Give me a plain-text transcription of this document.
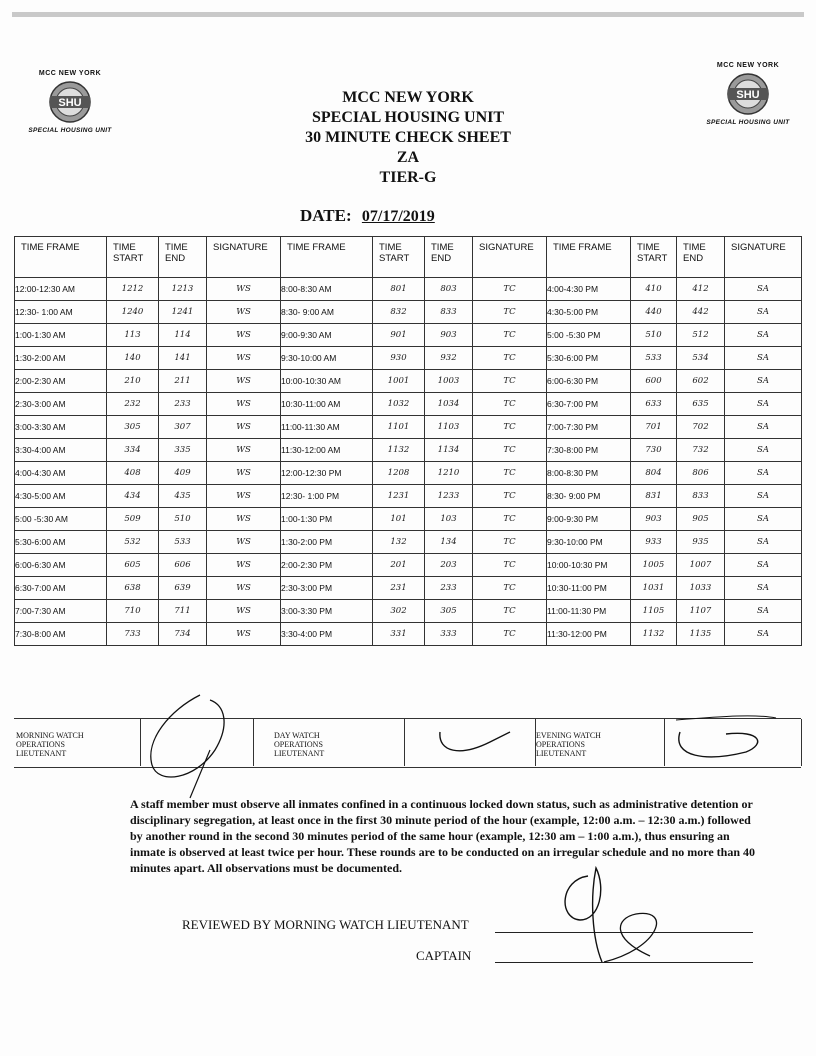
MCC NEW YORK
SHU
SPECIAL HOUSING UNIT
MCC NEW YORK
SHU
SPECIAL HOUSING UNIT
MCC NEW YORK
SPECIAL HOUSING UNIT
30 MINUTE CHECK SHEET
ZA
TIER-G
DATE: 07/17/2019
TIME FRAME	TIME START	TIME END	SIGNATURE	TIME FRAME	TIME START	TIME END	SIGNATURE	TIME FRAME	TIME START	TIME END	SIGNATURE
12:00-12:30 AM	1212	1213	WS	8:00-8:30 AM	801	803	TC	4:00-4:30 PM	410	412	SA
12:30- 1:00 AM	1240	1241	WS	8:30- 9:00 AM	832	833	TC	4:30-5:00 PM	440	442	SA
1:00-1:30 AM	113	114	WS	9:00-9:30 AM	901	903	TC	5:00 -5:30 PM	510	512	SA
1:30-2:00 AM	140	141	WS	9:30-10:00 AM	930	932	TC	5:30-6:00 PM	533	534	SA
2:00-2:30 AM	210	211	WS	10:00-10:30 AM	1001	1003	TC	6:00-6:30 PM	600	602	SA
2:30-3:00 AM	232	233	WS	10:30-11:00 AM	1032	1034	TC	6:30-7:00 PM	633	635	SA
3:00-3:30 AM	305	307	WS	11:00-11:30 AM	1101	1103	TC	7:00-7:30 PM	701	702	SA
3:30-4:00 AM	334	335	WS	11:30-12:00 AM	1132	1134	TC	7:30-8:00 PM	730	732	SA
4:00-4:30 AM	408	409	WS	12:00-12:30 PM	1208	1210	TC	8:00-8:30 PM	804	806	SA
4:30-5:00 AM	434	435	WS	12:30- 1:00 PM	1231	1233	TC	8:30- 9:00 PM	831	833	SA
5:00 -5:30 AM	509	510	WS	1:00-1:30 PM	101	103	TC	9:00-9:30 PM	903	905	SA
5:30-6:00 AM	532	533	WS	1:30-2:00 PM	132	134	TC	9:30-10:00 PM	933	935	SA
6:00-6:30 AM	605	606	WS	2:00-2:30 PM	201	203	TC	10:00-10:30 PM	1005	1007	SA
6:30-7:00 AM	638	639	WS	2:30-3:00 PM	231	233	TC	10:30-11:00 PM	1031	1033	SA
7:00-7:30 AM	710	711	WS	3:00-3:30 PM	302	305	TC	11:00-11:30 PM	1105	1107	SA
7:30-8:00 AM	733	734	WS	3:30-4:00 PM	331	333	TC	11:30-12:00 PM	1132	1135	SA
MORNING WATCH
OPERATIONS
LIEUTENANT
DAY WATCH
OPERATIONS
LIEUTENANT
EVENING WATCH
OPERATIONS
LIEUTENANT
A staff member must observe all inmates confined in a continuous locked down status, such as administrative detention or disciplinary segregation, at least once in the first 30 minute period of the hour (example, 12:00 a.m. – 12:30 a.m.) followed by another round in the second 30 minutes period of the same hour (example, 12:30 am – 1:00 a.m.), thus ensuring an inmate is observed at least twice per hour. These rounds are to be conducted on an irregular schedule and no more than 40 minutes apart. All observations must be documented.
REVIEWED BY MORNING WATCH LIEUTENANT
CAPTAIN
